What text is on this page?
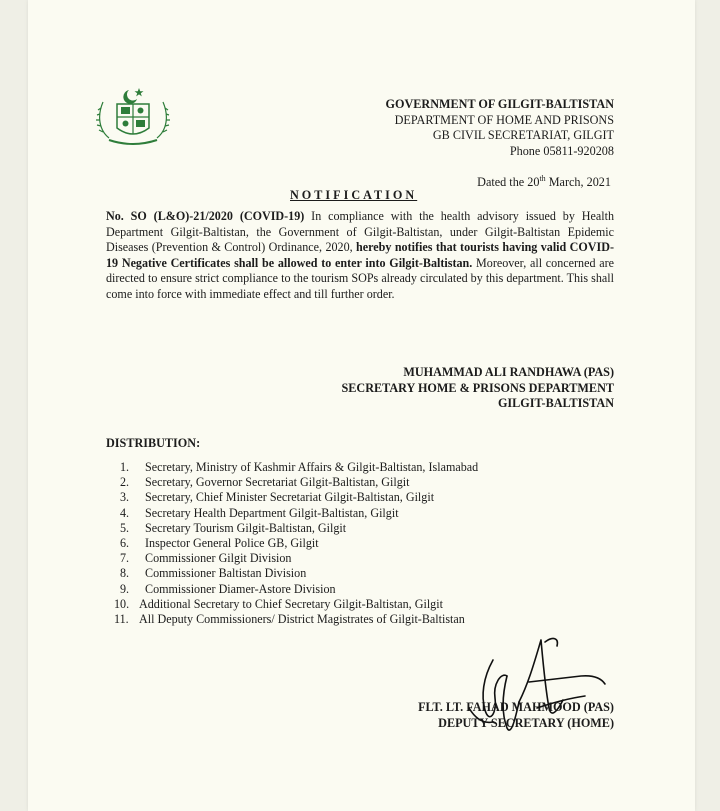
GOVERNMENT OF GILGIT-BALTISTAN
DEPARTMENT OF HOME AND PRISONS
GB CIVIL SECRETARIAT, GILGIT
Phone 05811-920208
Dated the 20th March, 2021
NOTIFICATION
No. SO (L&O)-21/2020 (COVID-19) In compliance with the health advisory issued by Health Department Gilgit-Baltistan, the Government of Gilgit-Baltistan, under Gilgit-Baltistan Epidemic Diseases (Prevention & Control) Ordinance, 2020, hereby notifies that tourists having valid COVID-19 Negative Certificates shall be allowed to enter into Gilgit-Baltistan. Moreover, all concerned are directed to ensure strict compliance to the tourism SOPs already circulated by this department. This shall come into force with immediate effect and till further order.
MUHAMMAD ALI RANDHAWA (PAS)
SECRETARY HOME & PRISONS DEPARTMENT
GILGIT-BALTISTAN
DISTRIBUTION:
1. Secretary, Ministry of Kashmir Affairs & Gilgit-Baltistan, Islamabad
2. Secretary, Governor Secretariat Gilgit-Baltistan, Gilgit
3. Secretary, Chief Minister Secretariat Gilgit-Baltistan, Gilgit
4. Secretary Health Department Gilgit-Baltistan, Gilgit
5. Secretary Tourism Gilgit-Baltistan, Gilgit
6. Inspector General Police GB, Gilgit
7. Commissioner Gilgit Division
8. Commissioner Baltistan Division
9. Commissioner Diamer-Astore Division
10. Additional Secretary to Chief Secretary Gilgit-Baltistan, Gilgit
11. All Deputy Commissioners/ District Magistrates of Gilgit-Baltistan
FLT. LT. FAHAD MAHMOOD (PAS)
DEPUTY SECRETARY (HOME)
